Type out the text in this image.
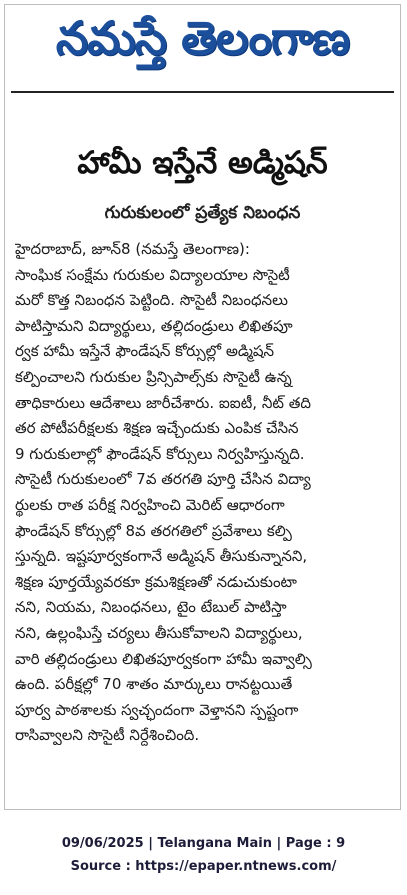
నమస్తే తెలంగాణ
హామీ ఇస్తేనే అడ్మిషన్
గురుకులంలో ప్రత్యేక నిబంధన

హైదరాబాద్, జూన్8 (నమస్తే తెలంగాణ):

సాంఘిక సంక్షేమ గురుకుల విద్యాలయాల సొసైటీ

మరో కొత్త నిబంధన పెట్టింది. సొసైటీ నిబంధనలు

పాటిస్తామని విద్యార్థులు, తల్లిదండ్రులు లిఖితపూ

ర్వక హామీ ఇస్తేనే ఫౌండేషన్ కోర్సుల్లో అడ్మిషన్

కల్పించాలని గురుకుల ప్రిన్సిపాల్స్‌కు సొసైటీ ఉన్న

తాధికారులు ఆదేశాలు జారీచేశారు. ఐఐటీ, నీట్ తది

తర పోటీపరీక్షలకు శిక్షణ ఇచ్చేందుకు ఎంపిక చేసిన

9 గురుకులాల్లో ఫౌండేషన్ కోర్సులు నిర్వహిస్తున్నది.

సొసైటీ గురుకులంలో 7వ తరగతి పూర్తి చేసిన విద్యా

ర్థులకు రాత పరీక్ష నిర్వహించి మెరిట్ ఆధారంగా

ఫౌండేషన్ కోర్సుల్లో 8వ తరగతిలో ప్రవేశాలు కల్పి

స్తున్నది. ఇష్టపూర్వకంగానే అడ్మిషన్ తీసుకున్నానని,

శిక్షణ పూర్తయ్యేవరకూ క్రమశిక్షణతో నడుచుకుంటా

నని, నియమ, నిబంధనలు, టైం టేబుల్ పాటిస్తా

నని, ఉల్లంఘిస్తే చర్యలు తీసుకోవాలని విద్యార్థులు,

వారి తల్లిదండ్రులు లిఖితపూర్వకంగా హామీ ఇవ్వాల్సి

ఉంది. పరీక్షల్లో 70 శాతం మార్కులు రానట్టయితే

పూర్వ పాఠశాలకు స్వచ్ఛందంగా వెళ్తానని స్పష్టంగా

రాసివ్వాలని సొసైటీ నిర్దేశించింది.

09/06/2025 | Telangana Main | Page : 9
Source : https://epaper.ntnews.com/
